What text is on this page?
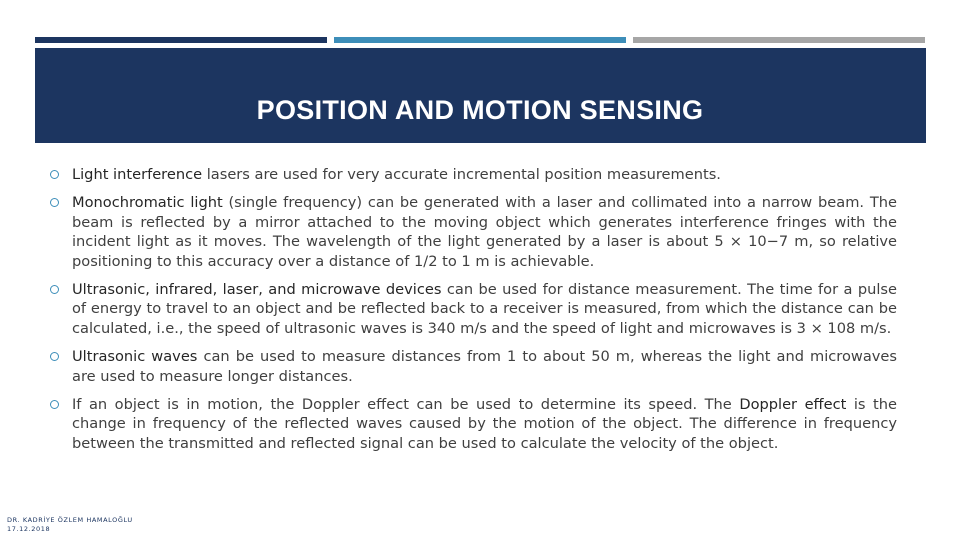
POSITION AND MOTION SENSING
Light interference lasers are used for very accurate incremental position measurements.
Monochromatic light (single frequency) can be generated with a laser and collimated into a narrow beam. The beam is reflected by a mirror attached to the moving object which generates interference fringes with the incident light as it moves. The wavelength of the light generated by a laser is about 5 × 10−7 m, so relative positioning to this accuracy over a distance of 1/2 to 1 m is achievable.
Ultrasonic, infrared, laser, and microwave devices can be used for distance measurement. The time for a pulse of energy to travel to an object and be reflected back to a receiver is measured, from which the distance can be calculated, i.e., the speed of ultrasonic waves is 340 m/s and the speed of light and microwaves is 3 × 108 m/s.
Ultrasonic waves can be used to measure distances from 1 to about 50 m, whereas the light and microwaves are used to measure longer distances.
If an object is in motion, the Doppler effect can be used to determine its speed. The Doppler effect is the change in frequency of the reflected waves caused by the motion of the object. The difference in frequency between the transmitted and reflected signal can be used to calculate the velocity of the object.
DR. KADRİYE ÖZLEM HAMALOĞLU
17.12.2018
